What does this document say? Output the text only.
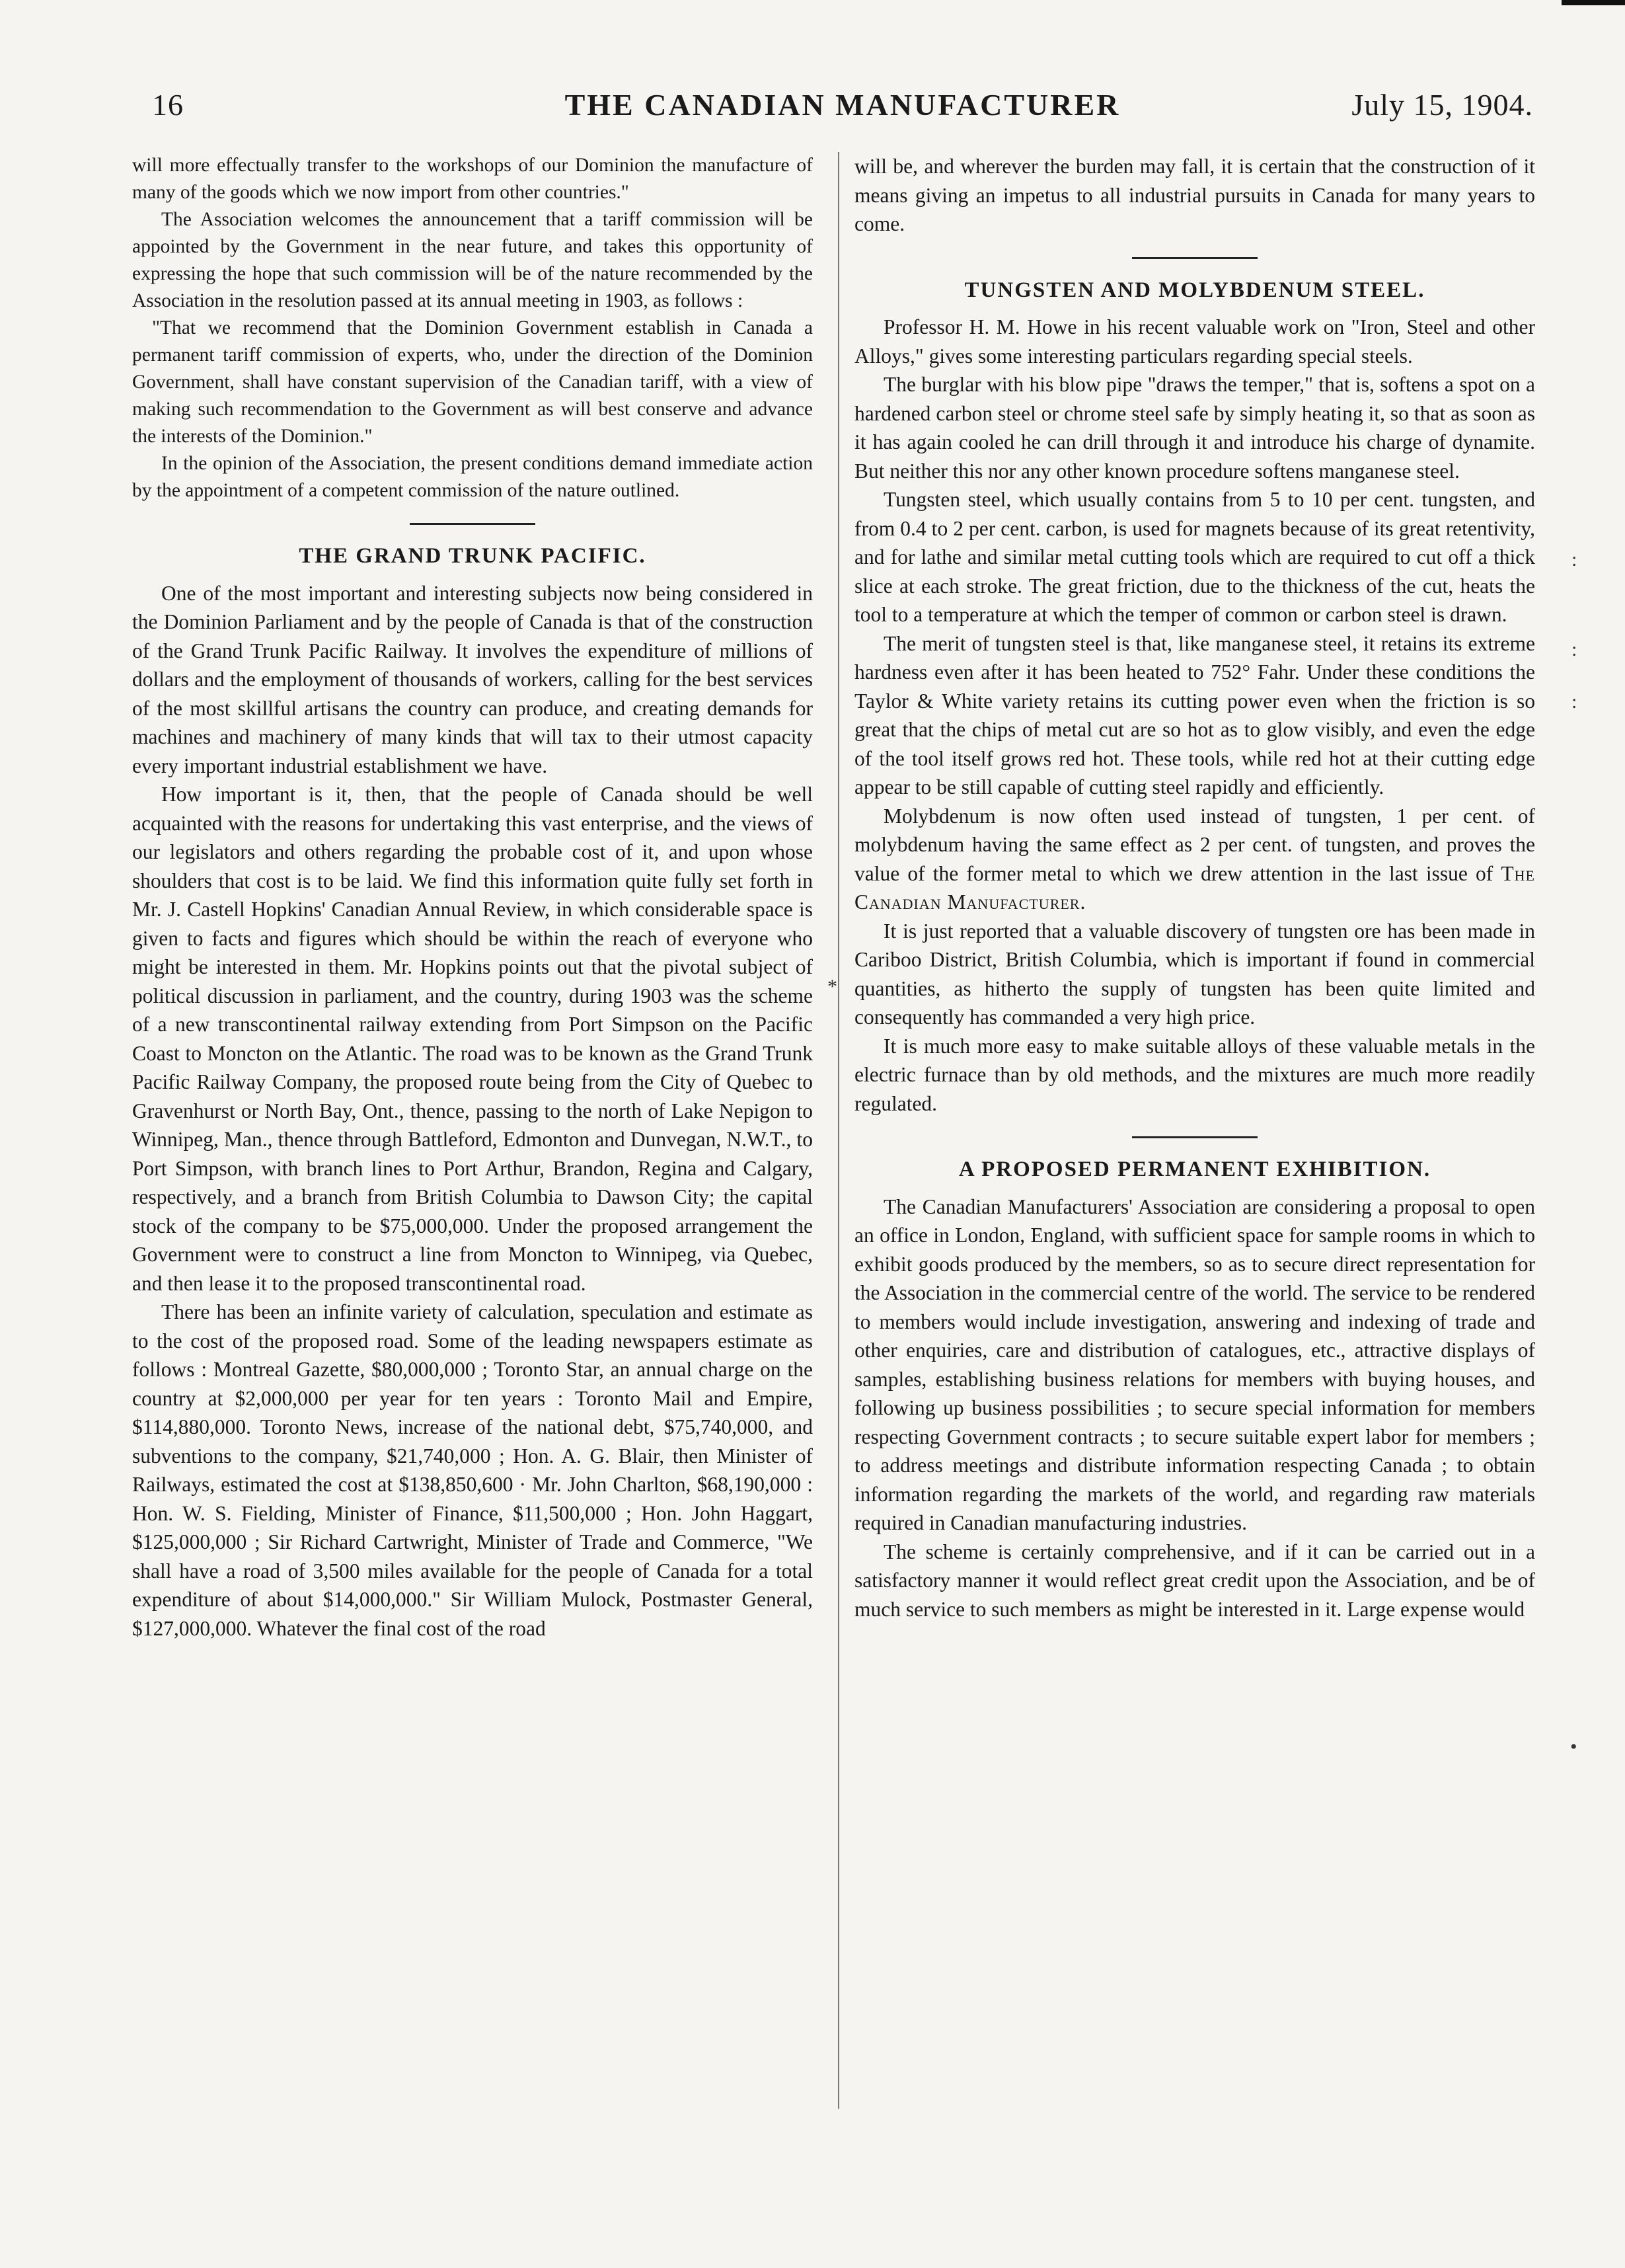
16	THE CANADIAN MANUFACTURER	July 15, 1904.

will more effectually transfer to the workshops of our Dominion the manufacture of many of the goods which we now import from other countries."

The Association welcomes the announcement that a tariff commission will be appointed by the Government in the near future, and takes this opportunity of expressing the hope that such commission will be of the nature recommended by the Association in the resolution passed at its annual meeting in 1903, as follows :

"That we recommend that the Dominion Government establish in Canada a permanent tariff commission of experts, who, under the direction of the Dominion Government, shall have constant supervision of the Canadian tariff, with a view of making such recommendation to the Government as will best conserve and advance the interests of the Dominion."

In the opinion of the Association, the present conditions demand immediate action by the appointment of a competent commission of the nature outlined.

THE GRAND TRUNK PACIFIC.

One of the most important and interesting subjects now being considered in the Dominion Parliament and by the people of Canada is that of the construction of the Grand Trunk Pacific Railway. It involves the expenditure of millions of dollars and the employment of thousands of workers, calling for the best services of the most skillful artisans the country can produce, and creating demands for machines and machinery of many kinds that will tax to their utmost capacity every important industrial establishment we have.

How important is it, then, that the people of Canada should be well acquainted with the reasons for undertaking this vast enterprise, and the views of our legislators and others regarding the probable cost of it, and upon whose shoulders that cost is to be laid. We find this information quite fully set forth in Mr. J. Castell Hopkins' Canadian Annual Review, in which considerable space is given to facts and figures which should be within the reach of everyone who might be interested in them. Mr. Hopkins points out that the pivotal subject of political discussion in parliament, and the country, during 1903 was the scheme of a new transcontinental railway extending from Port Simpson on the Pacific Coast to Moncton on the Atlantic. The road was to be known as the Grand Trunk Pacific Railway Company, the proposed route being from the City of Quebec to Gravenhurst or North Bay, Ont., thence, passing to the north of Lake Nepigon to Winnipeg, Man., thence through Battleford, Edmonton and Dunvegan, N.W.T., to Port Simpson, with branch lines to Port Arthur, Brandon, Regina and Calgary, respectively, and a branch from British Columbia to Dawson City; the capital stock of the company to be $75,000,000. Under the proposed arrangement the Government were to construct a line from Moncton to Winnipeg, via Quebec, and then lease it to the proposed transcontinental road.

There has been an infinite variety of calculation, speculation and estimate as to the cost of the proposed road. Some of the leading newspapers estimate as follows : Montreal Gazette, $80,000,000 ; Toronto Star, an annual charge on the country at $2,000,000 per year for ten years : Toronto Mail and Empire, $114,880,000. Toronto News, increase of the national debt, $75,740,000, and subventions to the company, $21,740,000 ; Hon. A. G. Blair, then Minister of Railways, estimated the cost at $138,850,600 · Mr. John Charlton, $68,190,000 : Hon. W. S. Fielding, Minister of Finance, $11,500,000 ; Hon. John Haggart, $125,000,000 ; Sir Richard Cartwright, Minister of Trade and Commerce, "We shall have a road of 3,500 miles available for the people of Canada for a total expenditure of about $14,000,000." Sir William Mulock, Postmaster General, $127,000,000. Whatever the final cost of the road

will be, and wherever the burden may fall, it is certain that the construction of it means giving an impetus to all industrial pursuits in Canada for many years to come.

TUNGSTEN AND MOLYBDENUM STEEL.

Professor H. M. Howe in his recent valuable work on "Iron, Steel and other Alloys," gives some interesting particulars regarding special steels.

The burglar with his blow pipe "draws the temper," that is, softens a spot on a hardened carbon steel or chrome steel safe by simply heating it, so that as soon as it has again cooled he can drill through it and introduce his charge of dynamite. But neither this nor any other known procedure softens manganese steel.

Tungsten steel, which usually contains from 5 to 10 per cent. tungsten, and from 0.4 to 2 per cent. carbon, is used for magnets because of its great retentivity, and for lathe and similar metal cutting tools which are required to cut off a thick slice at each stroke. The great friction, due to the thickness of the cut, heats the tool to a temperature at which the temper of common or carbon steel is drawn.

The merit of tungsten steel is that, like manganese steel, it retains its extreme hardness even after it has been heated to 752° Fahr. Under these conditions the Taylor & White variety retains its cutting power even when the friction is so great that the chips of metal cut are so hot as to glow visibly, and even the edge of the tool itself grows red hot. These tools, while red hot at their cutting edge appear to be still capable of cutting steel rapidly and efficiently.

Molybdenum is now often used instead of tungsten, 1 per cent. of molybdenum having the same effect as 2 per cent. of tungsten, and proves the value of the former metal to which we drew attention in the last issue of The Canadian Manufacturer.

It is just reported that a valuable discovery of tungsten ore has been made in Cariboo District, British Columbia, which is important if found in commercial quantities, as hitherto the supply of tungsten has been quite limited and consequently has commanded a very high price.

It is much more easy to make suitable alloys of these valuable metals in the electric furnace than by old methods, and the mixtures are much more readily regulated.

A PROPOSED PERMANENT EXHIBITION.

The Canadian Manufacturers' Association are considering a proposal to open an office in London, England, with sufficient space for sample rooms in which to exhibit goods produced by the members, so as to secure direct representation for the Association in the commercial centre of the world. The service to be rendered to members would include investigation, answering and indexing of trade and other enquiries, care and distribution of catalogues, etc., attractive displays of samples, establishing business relations for members with buying houses, and following up business possibilities ; to secure special information for members respecting Government contracts ; to secure suitable expert labor for members ; to address meetings and distribute information respecting Canada ; to obtain information regarding the markets of the world, and regarding raw materials required in Canadian manufacturing industries.

The scheme is certainly comprehensive, and if it can be carried out in a satisfactory manner it would reflect great credit upon the Association, and be of much service to such members as might be interested in it. Large expense would

:
:
:
*
•
